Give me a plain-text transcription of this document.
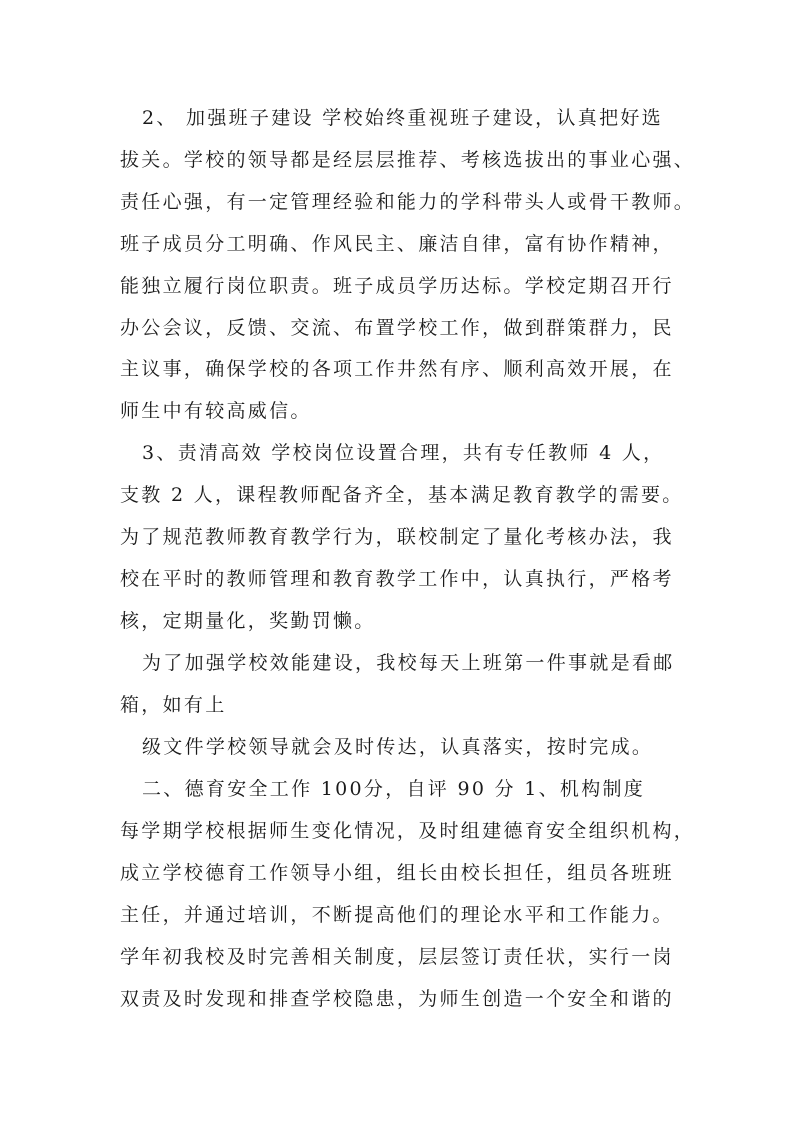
2、 加强班子建设 学校始终重视班子建设，认真把好选
拔关。学校的领导都是经层层推荐、考核选拔出的事业心强、
责任心强，有一定管理经验和能力的学科带头人或骨干教师。
班子成员分工明确、作风民主、廉洁自律，富有协作精神，
能独立履行岗位职责。班子成员学历达标。学校定期召开行
办公会议，反馈、交流、布置学校工作，做到群策群力，民
主议事，确保学校的各项工作井然有序、顺利高效开展，在
师生中有较高威信。
3、责清高效 学校岗位设置合理，共有专任教师 4 人，
支教 2 人，课程教师配备齐全，基本满足教育教学的需要。
为了规范教师教育教学行为，联校制定了量化考核办法，我
校在平时的教师管理和教育教学工作中，认真执行，严格考
核，定期量化，奖勤罚懒。
为了加强学校效能建设，我校每天上班第一件事就是看邮
箱，如有上
级文件学校领导就会及时传达，认真落实，按时完成。
二、德育安全工作 100分，自评 90 分 1、机构制度
每学期学校根据师生变化情况，及时组建德育安全组织机构，
成立学校德育工作领导小组，组长由校长担任，组员各班班
主任，并通过培训，不断提高他们的理论水平和工作能力。
学年初我校及时完善相关制度，层层签订责任状，实行一岗
双责及时发现和排查学校隐患，为师生创造一个安全和谐的
